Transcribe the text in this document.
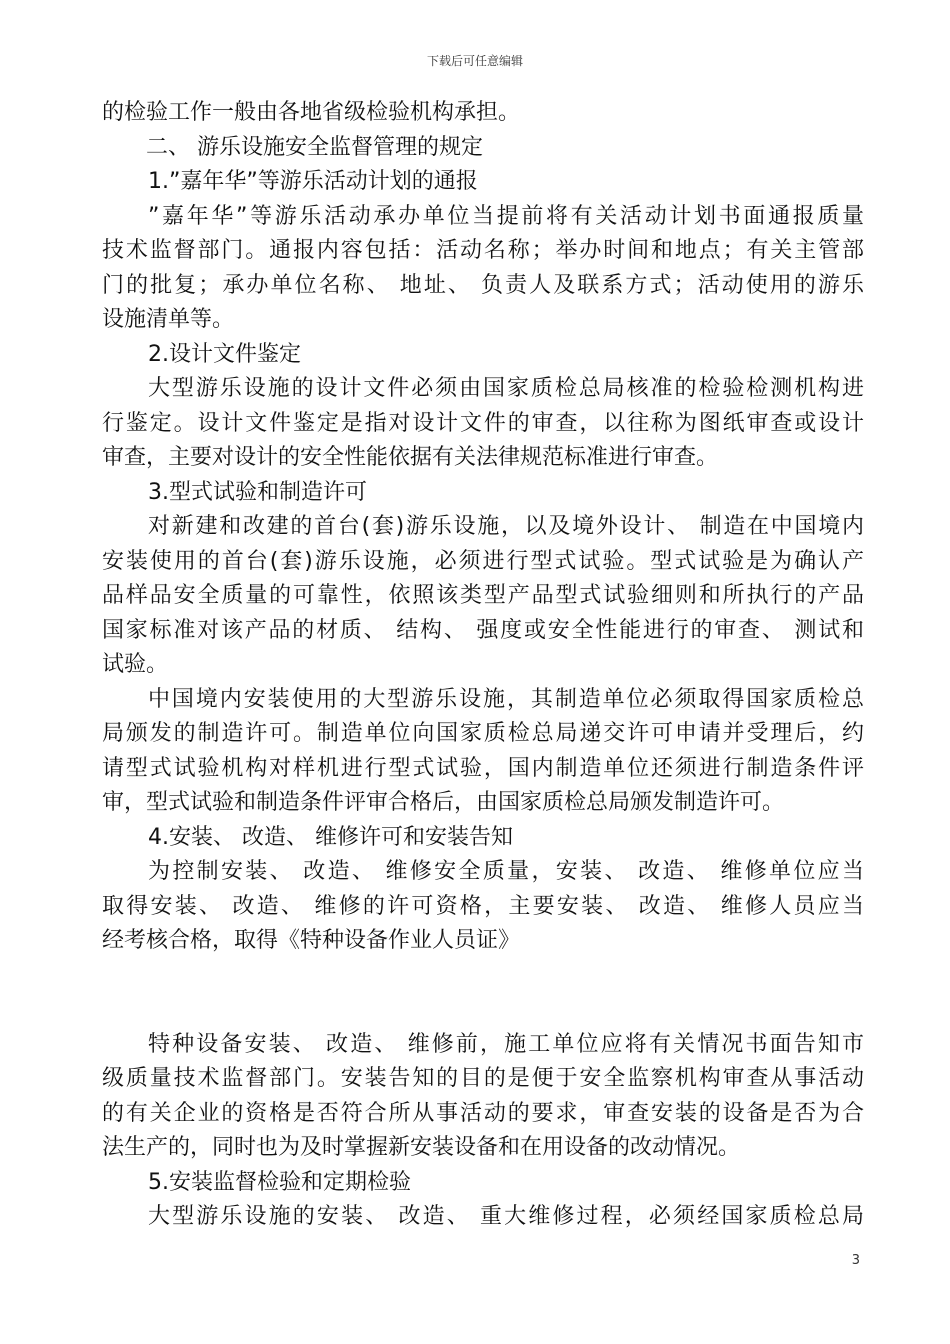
下载后可任意编辑
的检验工作一般由各地省级检验机构承担。
二、 游乐设施安全监督管理的规定
1.”嘉年华”等游乐活动计划的通报
”嘉年华”等游乐活动承办单位当提前将有关活动计划书面通报质量
技术监督部门。通报内容包括：活动名称；举办时间和地点；有关主管部
门的批复；承办单位名称、 地址、 负责人及联系方式；活动使用的游乐
设施清单等。
2.设计文件鉴定
大型游乐设施的设计文件必须由国家质检总局核准的检验检测机构进
行鉴定。设计文件鉴定是指对设计文件的审查，以往称为图纸审查或设计
审查，主要对设计的安全性能依据有关法律规范标准进行审查。
3.型式试验和制造许可
对新建和改建的首台(套)游乐设施，以及境外设计、 制造在中国境内
安装使用的首台(套)游乐设施，必须进行型式试验。型式试验是为确认产
品样品安全质量的可靠性，依照该类型产品型式试验细则和所执行的产品
国家标准对该产品的材质、 结构、 强度或安全性能进行的审查、 测试和
试验。
中国境内安装使用的大型游乐设施，其制造单位必须取得国家质检总
局颁发的制造许可。制造单位向国家质检总局递交许可申请并受理后，约
请型式试验机构对样机进行型式试验，国内制造单位还须进行制造条件评
审，型式试验和制造条件评审合格后，由国家质检总局颁发制造许可。
4.安装、 改造、 维修许可和安装告知
为控制安装、 改造、 维修安全质量，安装、 改造、 维修单位应当
取得安装、 改造、 维修的许可资格，主要安装、 改造、 维修人员应当
经考核合格，取得《特种设备作业人员证》
特种设备安装、 改造、 维修前，施工单位应将有关情况书面告知市
级质量技术监督部门。安装告知的目的是便于安全监察机构审查从事活动
的有关企业的资格是否符合所从事活动的要求，审查安装的设备是否为合
法生产的，同时也为及时掌握新安装设备和在用设备的改动情况。
5.安装监督检验和定期检验
大型游乐设施的安装、 改造、 重大维修过程，必须经国家质检总局
3
